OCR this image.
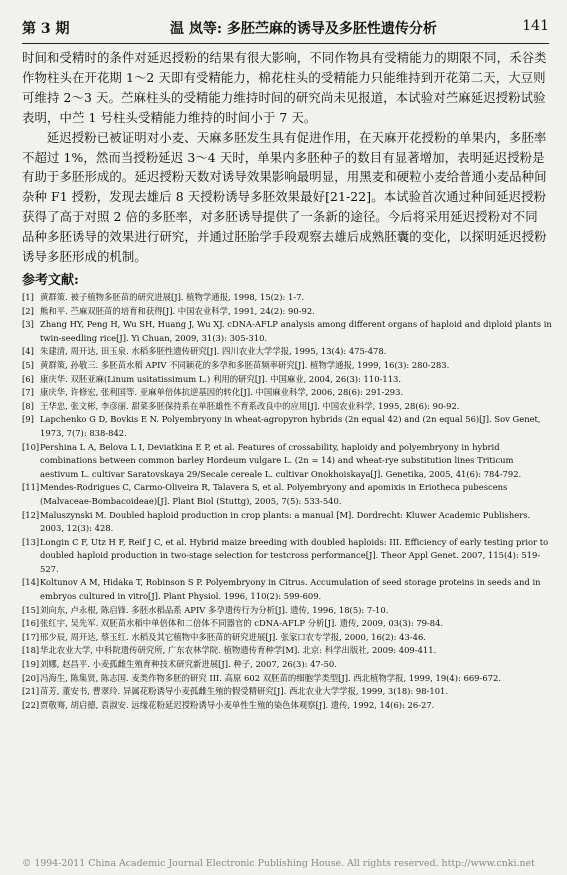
第 3 期	温 岚等: 多胚苎麻的诱导及多胚性遗传分析	141

时间和受精时的条件对延迟授粉的结果有很大影响，不同作物具有受精能力的期限不同，禾谷类作物柱头在开花期 1～2 天即有受精能力，棉花柱头的受精能力只能维持到开花第二天，大豆则可维持 2～3 天。苎麻柱头的受精能力维持时间的研究尚未见报道，本试验对苎麻延迟授粉试验表明，中苎 1 号柱头受精能力维持的时间小于 7 天。

延迟授粉已被证明对小麦、天麻多胚发生具有促进作用，在天麻开花授粉的单果内，多胚率不超过 1%，然而当授粉延迟 3～4 天时，单果内多胚种子的数目有显著增加，表明延迟授粉是有助于多胚形成的。延迟授粉天数对诱导效果影响最明显，用黑麦和硬粒小麦给普通小麦品种间杂种 F1 授粉，发现去雄后 8 天授粉诱导多胚效果最好[21-22]。本试验首次通过种间延迟授粉获得了高于对照 2 倍的多胚率，对多胚诱导提供了一条新的途径。今后将采用延迟授粉对不同品种多胚诱导的效果进行研究，并通过胚胎学手段观察去雄后成熟胚囊的变化，以探明延迟授粉诱导多胚形成的机制。

参考文献:
[1] 黄群策. 被子植物多胚苗的研究进展[J]. 植物学通报, 1998, 15(2): 1-7.
[2] 熊和平. 苎麻双胚苗的培育和获得[J]. 中国农业科学, 1991, 24(2): 90-92.
[3] Zhang HY, Peng H, Wu SH, Huang J, Wu XJ. cDNA-AFLP analysis among different organs of haploid and diploid plants in twin-seedling rice[J]. Yi Chuan, 2009, 31(3): 305-310.
[4] 朱建清, 周开达, 田玉泉. 水稻多胚性遗传研究[J]. 四川农业大学学报, 1995, 13(4): 475-478.
[5] 黄群策, 孙敬三. 多胚苗水稻 APIV 不同颖花的多孕和多胚苗频率研究[J]. 植物学通报, 1999, 16(3): 280-283.
[6] 康庆华. 双胚亚麻(Linum usitatissimum L.) 利用的研究[J]. 中国麻业, 2004, 26(3): 110-113.
[7] 康庆华, 许修宏, 张利国等. 亚麻单倍体抗逆基因的转化[J]. 中国麻业科学, 2006, 28(6): 291-293.
[8] 王华忠, 张文彬, 李彦丽. 甜菜多胚保持系在单胚雄性不育系改良中的应用[J]. 中国农业科学, 1995, 28(6): 90-92.
[9] Lapchenko G D, Bovkis E N. Polyembryony in wheat-agropyron hybrids (2n equal 42) and (2n equal 56)[J]. Sov Genet, 1973, 7(7): 838-842.
[10] Pershina L A, Belova L I, Deviatkina E P, et al. Features of crossability, haploidy and polyembryony in hybrid combinations between common barley Hordeum vulgare L. (2n = 14) and wheat-rye substitution lines Triticum aestivum L. cultivar Saratovskaya 29/Secale cereale L. cultivar Onokhoiskaya[J]. Genetika, 2005, 41(6): 784-792.
[11] Mendes-Rodrigues C, Carmo-Oliveira R, Talavera S, et al. Polyembryony and apomixis in Eriotheca pubescens (Malvaceae-Bombacoideae)[J]. Plant Biol (Stuttg), 2005, 7(5): 533-540.
[12] Maluszynski M. Doubled haploid production in crop plants: a manual [M]. Dordrecht: Kluwer Academic Publishers. 2003, 12(3): 428.
[13] Longin C F, Utz H F, Reif J C, et al. Hybrid maize breeding with doubled haploids: III. Efficiency of early testing prior to doubled haploid production in two-stage selection for testcross performance[J]. Theor Appl Genet. 2007, 115(4): 519-527.
[14] Koltunov A M, Hidaka T, Robinson S P. Polyembryony in Citrus. Accumulation of seed storage proteins in seeds and in embryos cultured in vitro[J]. Plant Physiol. 1996, 110(2): 599-609.
[15] 刘向东, 卢永根, 陈启锋. 多胚水稻品系 APIV 多孕遗传行为分析[J]. 遗传, 1996, 18(5): 7-10.
[16] 张红宇, 吴先军. 双胚苗水稻中单倍体和二倍体不同器官的 cDNA-AFLP 分析[J]. 遗传, 2009, 03(3): 79-84.
[17] 邢少辰, 周开达, 蔡玉红. 水稻及其它植物中多胚苗的研究进展[J]. 张家口农专学报, 2000, 16(2): 43-46.
[18] 华北农业大学, 中科院遗传研究所, 广东农林学院. 植物遗传育种学[M]. 北京: 科学出版社, 2009: 409-411.
[19] 刘娜, 赵昌平. 小麦孤雌生殖育种技术研究新进展[J]. 种子, 2007, 26(3): 47-50.
[20] 冯海生, 陈集贤, 陈志国. 麦类作物多胚的研究 III. 高原 602 双胚苗的细胞学类型[J]. 西北植物学报, 1999, 19(4): 669-672.
[21] 苗芳, 董安书, 曹翠玲. 异属花粉诱导小麦孤雌生殖的假受精研究[J]. 西北农业大学学报, 1999, 3(18): 98-101.
[22] 贾敬骞, 胡启德, 袁淑安. 远缘花粉延迟授粉诱导小麦单性生殖的染色体观察[J]. 遗传, 1992, 14(6): 26-27.
© 1994-2011 China Academic Journal Electronic Publishing House. All rights reserved. http://www.cnki.net
